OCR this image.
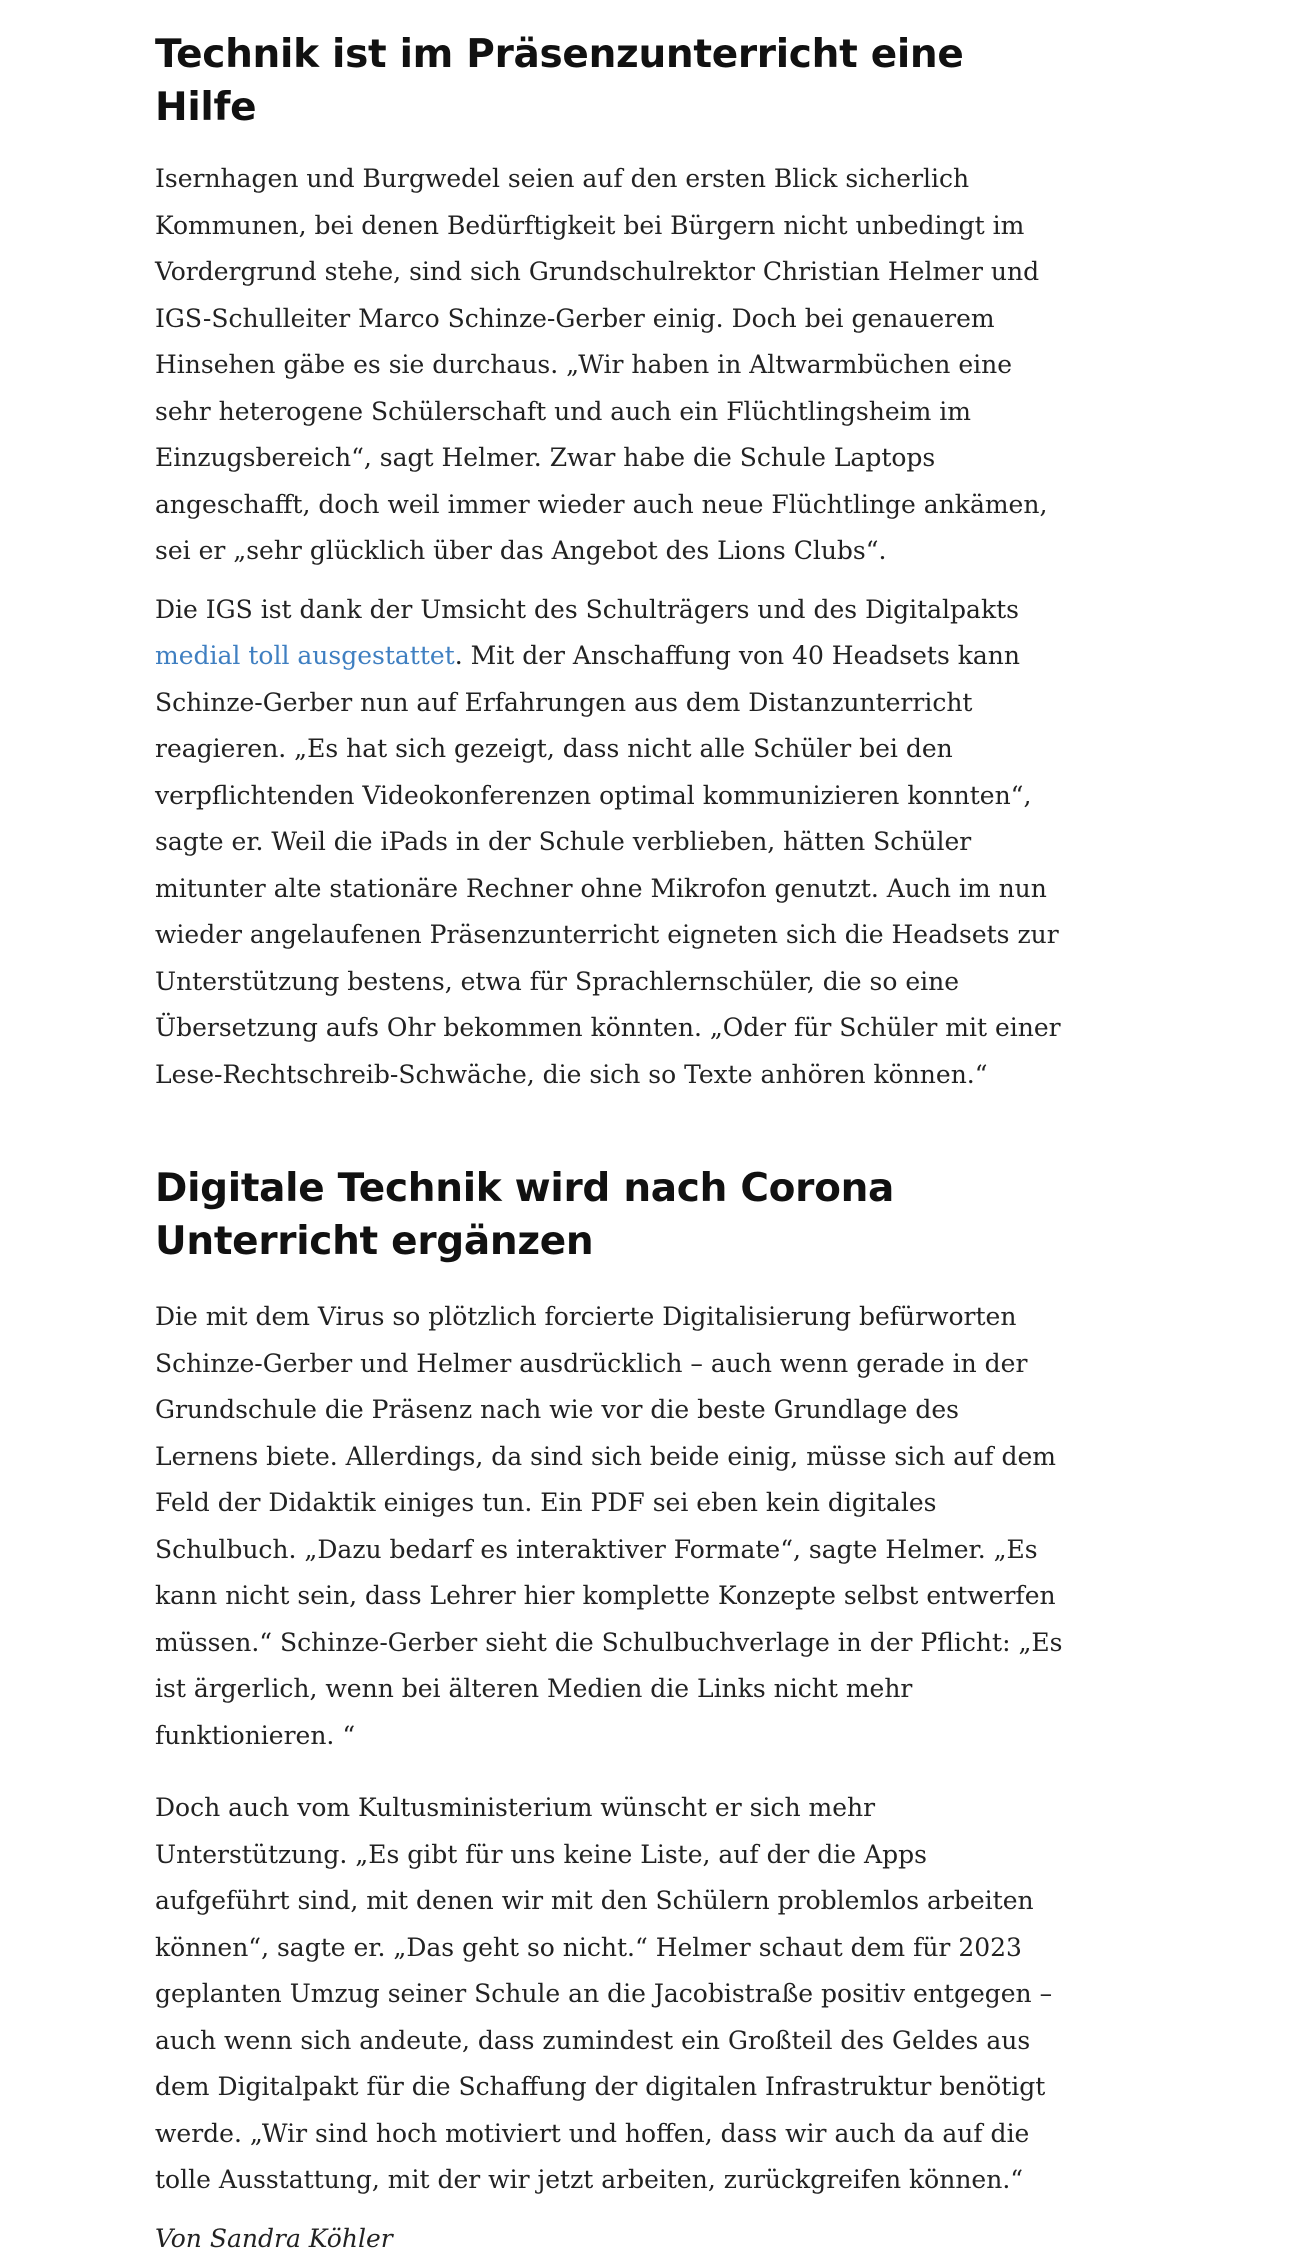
Technik ist im Präsenzunterricht eine Hilfe

Isernhagen und Burgwedel seien auf den ersten Blick sicherlich Kommunen, bei denen Bedürftigkeit bei Bürgern nicht unbedingt im Vordergrund stehe, sind sich Grundschulrektor Christian Helmer und IGS-Schulleiter Marco Schinze-Gerber einig. Doch bei genauerem Hinsehen gäbe es sie durchaus. „Wir haben in Altwarmbüchen eine sehr heterogene Schülerschaft und auch ein Flüchtlingsheim im Einzugsbereich“, sagt Helmer. Zwar habe die Schule Laptops angeschafft, doch weil immer wieder auch neue Flüchtlinge ankämen, sei er „sehr glücklich über das Angebot des Lions Clubs“.

Die IGS ist dank der Umsicht des Schulträgers und des Digitalpakts medial toll ausgestattet. Mit der Anschaffung von 40 Headsets kann Schinze-Gerber nun auf Erfahrungen aus dem Distanzunterricht reagieren. „Es hat sich gezeigt, dass nicht alle Schüler bei den verpflichtenden Videokonferenzen optimal kommunizieren konnten“, sagte er. Weil die iPads in der Schule verblieben, hätten Schüler mitunter alte stationäre Rechner ohne Mikrofon genutzt. Auch im nun wieder angelaufenen Präsenzunterricht eigneten sich die Headsets zur Unterstützung bestens, etwa für Sprachlernschüler, die so eine Übersetzung aufs Ohr bekommen könnten. „Oder für Schüler mit einer Lese-Rechtschreib-Schwäche, die sich so Texte anhören können.“

Digitale Technik wird nach Corona Unterricht ergänzen

Die mit dem Virus so plötzlich forcierte Digitalisierung befürworten Schinze-Gerber und Helmer ausdrücklich – auch wenn gerade in der Grundschule die Präsenz nach wie vor die beste Grundlage des Lernens biete. Allerdings, da sind sich beide einig, müsse sich auf dem Feld der Didaktik einiges tun. Ein PDF sei eben kein digitales Schulbuch. „Dazu bedarf es interaktiver Formate“, sagte Helmer. „Es kann nicht sein, dass Lehrer hier komplette Konzepte selbst entwerfen müssen.“ Schinze-Gerber sieht die Schulbuchverlage in der Pflicht: „Es ist ärgerlich, wenn bei älteren Medien die Links nicht mehr funktionieren. “

Doch auch vom Kultusministerium wünscht er sich mehr Unterstützung. „Es gibt für uns keine Liste, auf der die Apps aufgeführt sind, mit denen wir mit den Schülern problemlos arbeiten können“, sagte er. „Das geht so nicht.“ Helmer schaut dem für 2023 geplanten Umzug seiner Schule an die Jacobistraße positiv entgegen – auch wenn sich andeute, dass zumindest ein Großteil des Geldes aus dem Digitalpakt für die Schaffung der digitalen Infrastruktur benötigt werde. „Wir sind hoch motiviert und hoffen, dass wir auch da auf die tolle Ausstattung, mit der wir jetzt arbeiten, zurückgreifen können.“

Von Sandra Köhler
